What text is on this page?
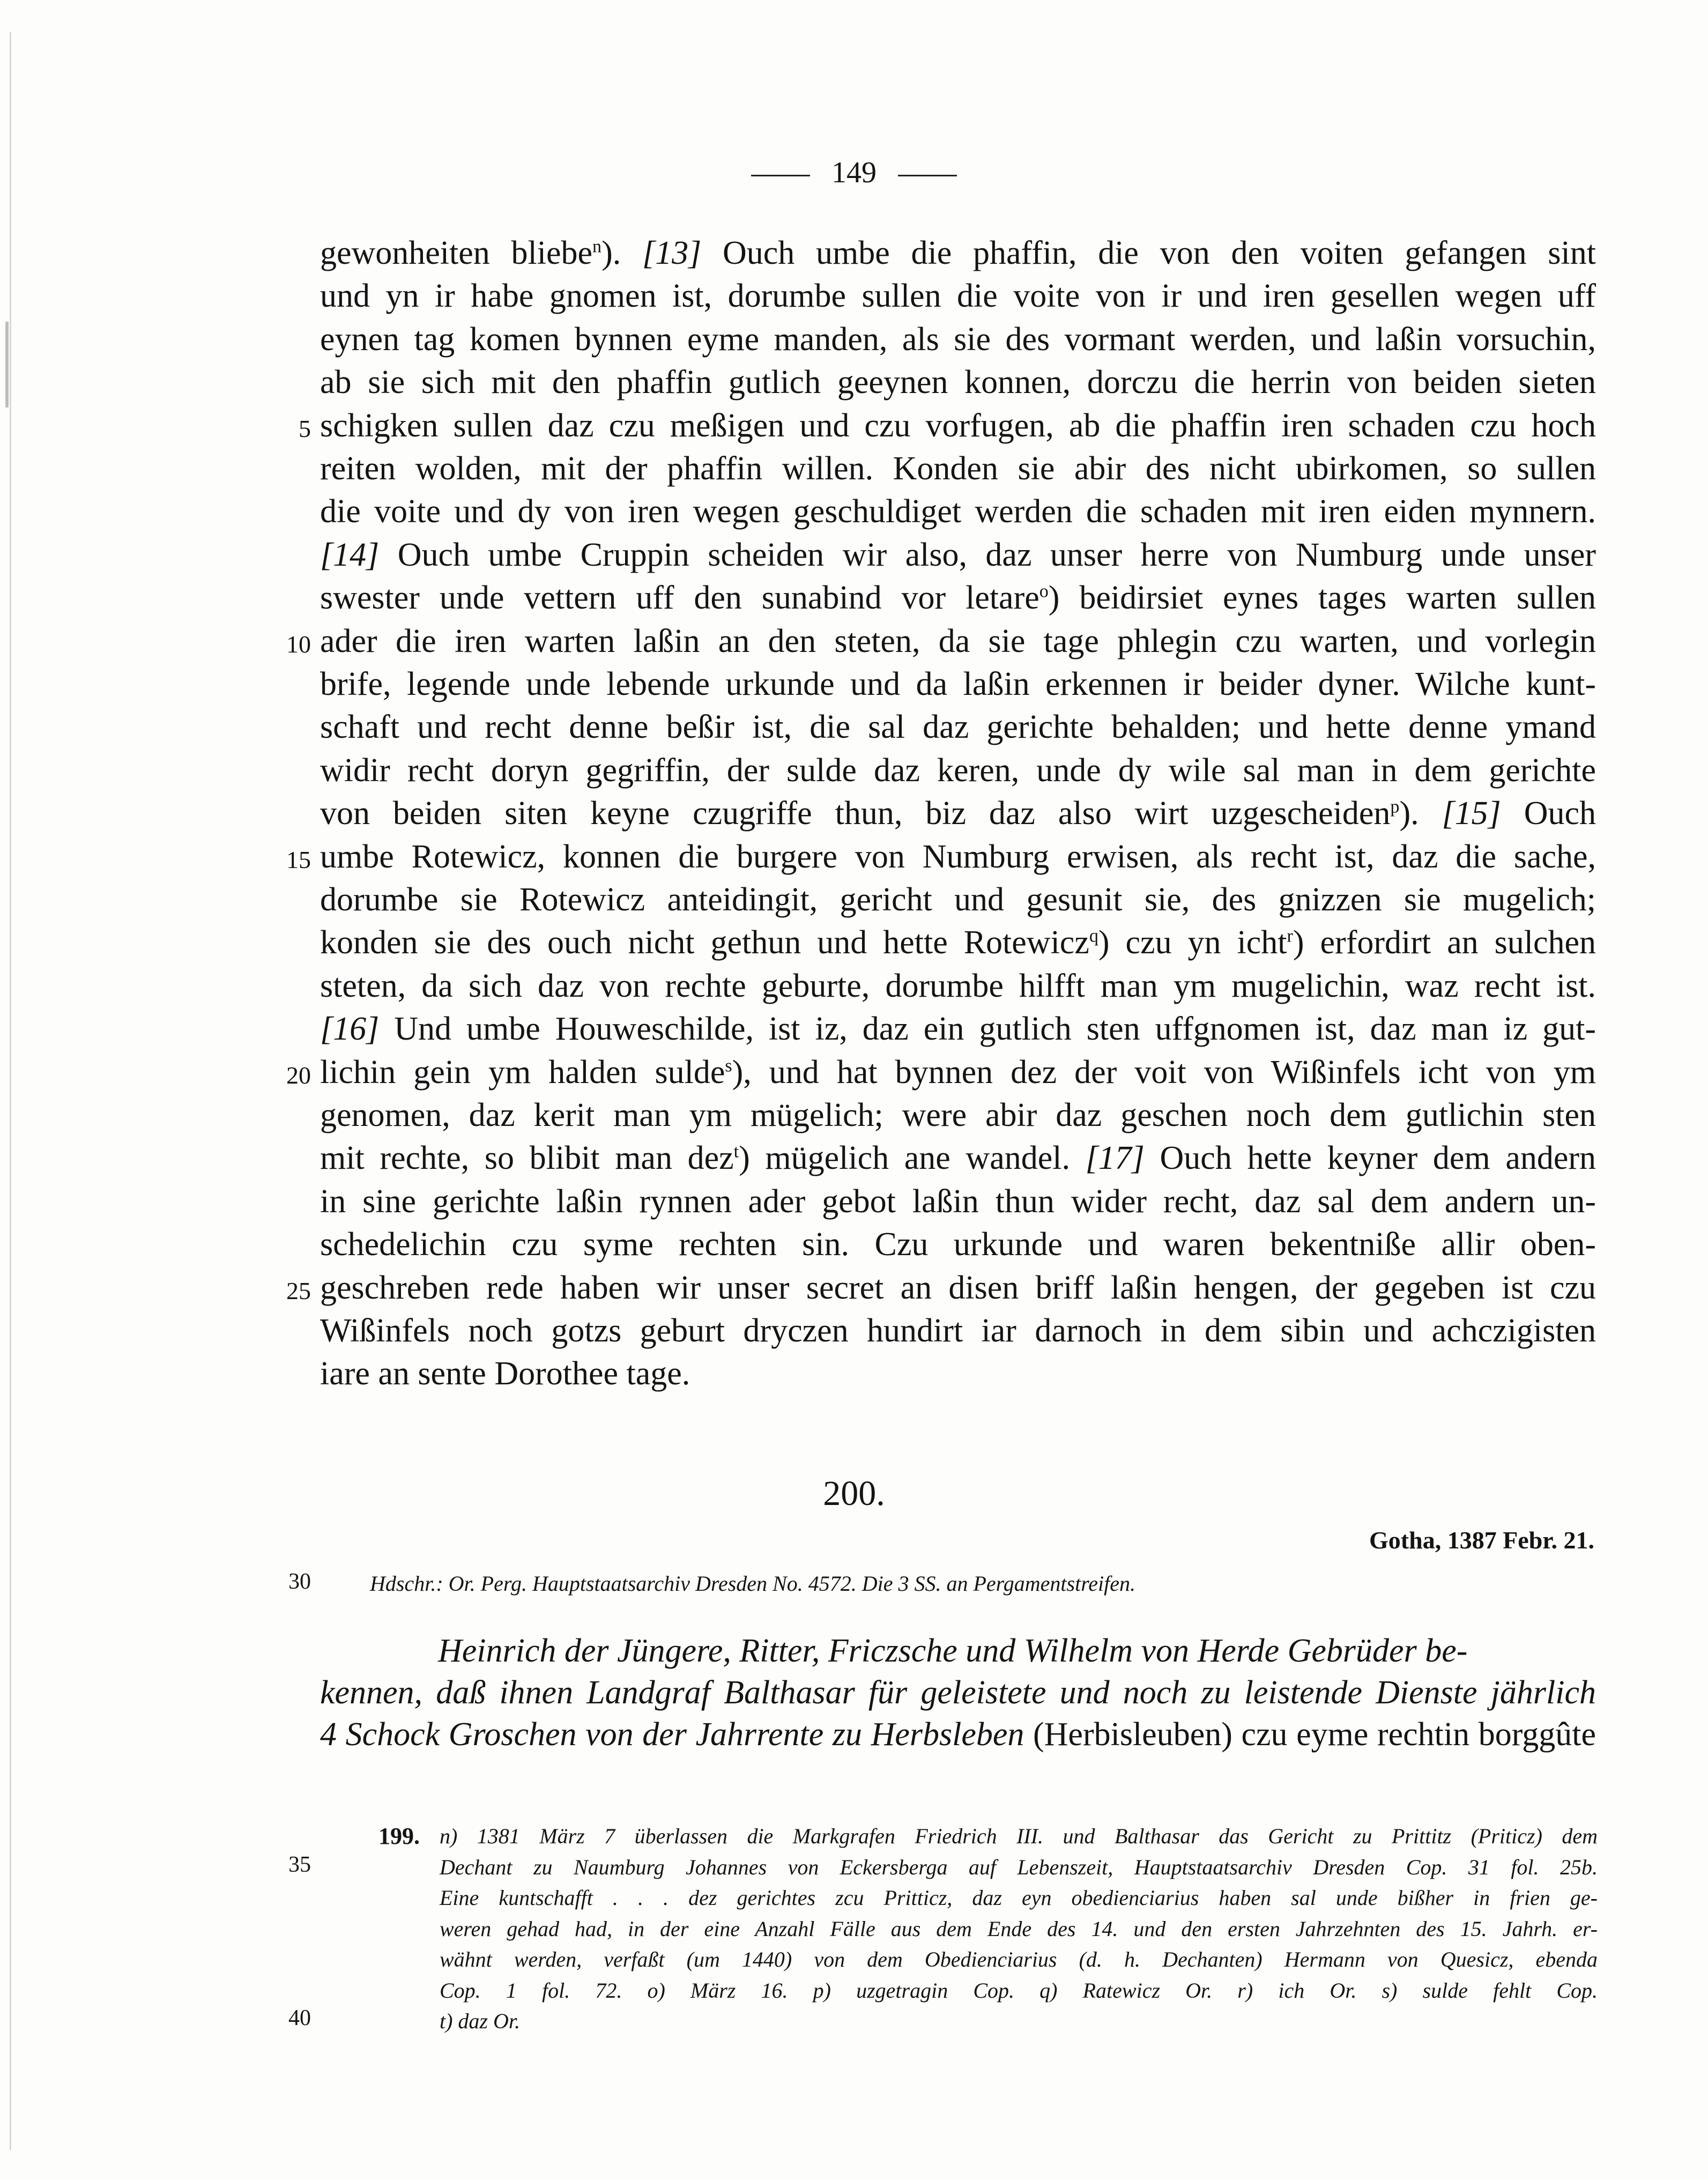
149
gewonheiten bliebe$^n$). [13] Ouch umbe die phaffin, die von den voiten gefangen sint
und yn ir habe gnomen ist, dorumbe sullen die voite von ir und iren gesellen wegen uff
eynen tag komen bynnen eyme manden, als sie des vormant werden, und laßin vorsuchin,
ab sie sich mit den phaffin gutlich geeynen konnen, dorczu die herrin von beiden sieten
schigken sullen daz czu meßigen und czu vorfugen, ab die phaffin iren schaden czu hoch
reiten wolden, mit der phaffin willen. Konden sie abir des nicht ubirkomen, so sullen
die voite und dy von iren wegen geschuldiget werden die schaden mit iren eiden mynnern.
[14] Ouch umbe Cruppin scheiden wir also, daz unser herre von Numburg unde unser
swester unde vettern uff den sunabind vor letare$^o$) beidirsiet eynes tages warten sullen
ader die iren warten laßin an den steten, da sie tage phlegin czu warten, und vorlegin
brife, legende unde lebende urkunde und da laßin erkennen ir beider dyner. Wilche kunt-
schaft und recht denne beßir ist, die sal daz gerichte behalden; und hette denne ymand
widir recht doryn gegriffin, der sulde daz keren, unde dy wile sal man in dem gerichte
von beiden siten keyne czugriffe thun, biz daz also wirt uzgescheiden$^p$). [15] Ouch
umbe Rotewicz, konnen die burgere von Numburg erwisen, als recht ist, daz die sache,
dorumbe sie Rotewicz anteidingit, gericht und gesunit sie, des gnizzen sie mugelich;
konden sie des ouch nicht gethun und hette Rotewicz$^q$) czu yn icht$^r$) erfordirt an sulchen
steten, da sich daz von rechte geburte, dorumbe hilfft man ym mugelichin, waz recht ist.
[16] Und umbe Houweschilde, ist iz, daz ein gutlich sten uffgnomen ist, daz man iz gut-
lichin gein ym halden sulde$^s$), und hat bynnen dez der voit von Wißinfels icht von ym
genomen, daz kerit man ym mügelich; were abir daz geschen noch dem gutlichin sten
mit rechte, so blibit man dez$^t$) mügelich ane wandel. [17] Ouch hette keyner dem andern
in sine gerichte laßin rynnen ader gebot laßin thun wider recht, daz sal dem andern un-
schedelichin czu syme rechten sin. Czu urkunde und waren bekentniße allir oben-
geschreben rede haben wir unser secret an disen briff laßin hengen, der gegeben ist czu
Wißinfels noch gotzs geburt dryczen hundirt iar darnoch in dem sibin und achczigisten
iare an sente Dorothee tage.
5
10
15
20
25
200.
Gotha, 1387 Febr. 21.
30	Hdschr.: Or. Perg. Hauptstaatsarchiv Dresden No. 4572. Die 3 SS. an Pergamentstreifen.
Heinrich der Jüngere, Ritter, Friczsche und Wilhelm von Herde Gebrüder be-
kennen, daß ihnen Landgraf Balthasar für geleistete und noch zu leistende Dienste jährlich
4 Schock Groschen von der Jahrrente zu Herbsleben (Herbisleuben) czu eyme rechtin borggûte
35
40
199. n) 1381 März 7 überlassen die Markgrafen Friedrich III. und Balthasar das Gericht zu Prittitz (Priticz) dem
Dechant zu Naumburg Johannes von Eckersberga auf Lebenszeit, Hauptstaatsarchiv Dresden Cop. 31 fol. 25b.
Eine kuntschafft . . . dez gerichtes zcu Pritticz, daz eyn obedienciarius haben sal unde bißher in frien ge-
weren gehad had, in der eine Anzahl Fälle aus dem Ende des 14. und den ersten Jahrzehnten des 15. Jahrh. er-
wähnt werden, verfaßt (um 1440) von dem Obedienciarius (d. h. Dechanten) Hermann von Quesicz, ebenda
Cop. 1 fol. 72. o) März 16. p) uzgetragin Cop. q) Ratewicz Or. r) ich Or. s) sulde fehlt Cop.
t) daz Or.
